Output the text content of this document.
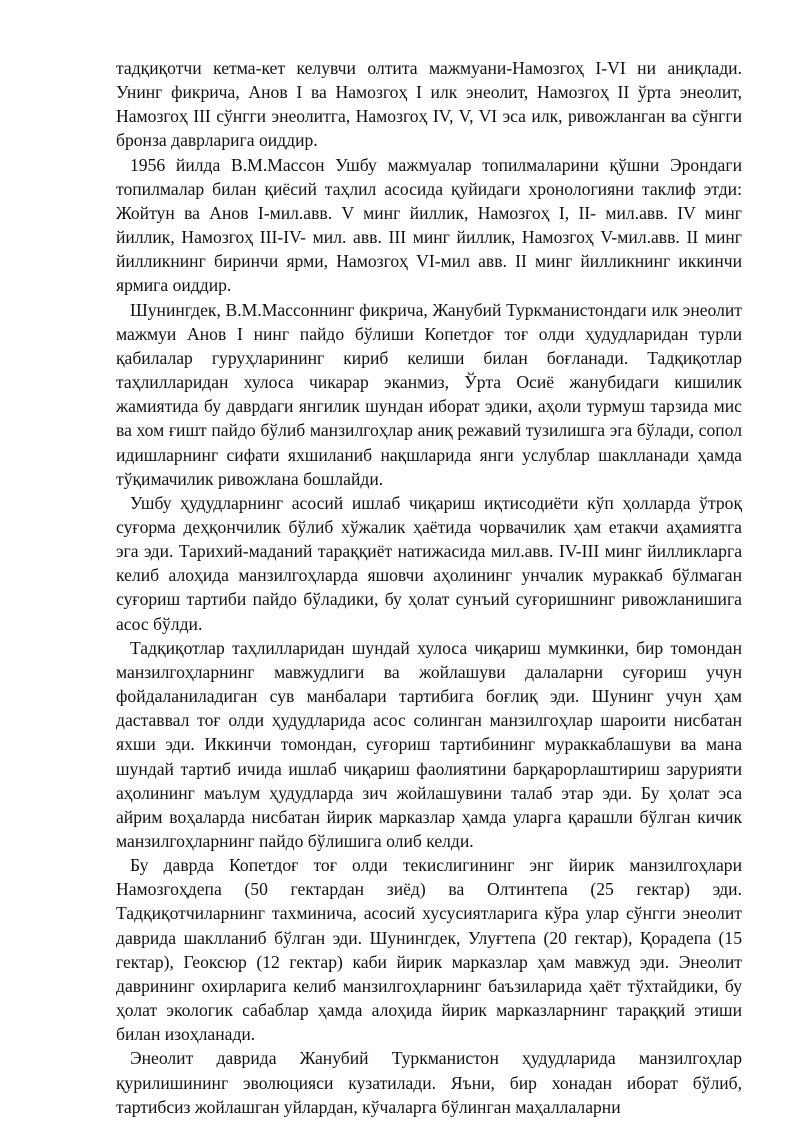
тадқиқотчи кетма-кет келувчи олтита мажмуани-Намозгоҳ I-VI ни аниқлади. Унинг фикрича, Анов I ва Намозгоҳ I илк энеолит, Намозгоҳ II ўрта энеолит, Намозгоҳ III сўнгги энеолитга, Намозгоҳ IV, V, VI эса илк, ривожланган ва сўнгги бронза даврларига оиддир.

1956 йилда В.М.Массон Ушбу мажмуалар топилмаларини қўшни Эрондаги топилмалар билан қиёсий таҳлил асосида қуйидаги хронологияни таклиф этди: Жойтун ва Анов I-мил.авв. V минг йиллик, Намозгоҳ I, II- мил.авв. IV минг йиллик, Намозгоҳ III-IV- мил. авв. III минг йиллик, Намозгоҳ V-мил.авв. II минг йилликнинг биринчи ярми, Намозгоҳ VI-мил авв. II минг йилликнинг иккинчи ярмига оиддир.

Шунингдек, В.М.Массоннинг фикрича, Жанубий Туркманистондаги илк энеолит мажмуи Анов I нинг пайдо бўлиши Копетдоғ тоғ олди ҳудудларидан турли қабилалар гуруҳларининг кириб келиши билан боғланади. Тадқиқотлар таҳлилларидан хулоса чикарар эканмиз, Ўрта Осиё жанубидаги кишилик жамиятида бу даврдаги янгилик шундан иборат эдики, аҳоли турмуш тарзида мис ва хом ғишт пайдо бўлиб манзилгоҳлар аниқ режавий тузилишга эга бўлади, сопол идишларнинг сифати яхшиланиб нақшларида янги услублар шаклланади ҳамда тўқимачилик ривожлана бошлайди.

Ушбу ҳудудларнинг асосий ишлаб чиқариш иқтисодиёти кўп ҳолларда ўтроқ суғорма деҳқончилик бўлиб хўжалик ҳаётида чорвачилик ҳам етакчи аҳамиятга эга эди. Тарихий-маданий тараққиёт натижасида мил.авв. IV-III минг йилликларга келиб алоҳида манзилгоҳларда яшовчи аҳолининг унчалик мураккаб бўлмаган суғориш тартиби пайдо бўладики, бу ҳолат сунъий суғоришнинг ривожланишига асос бўлди.

Тадқиқотлар таҳлилларидан шундай хулоса чиқариш мумкинки, бир томондан манзилгоҳларнинг мавжудлиги ва жойлашуви далаларни суғориш учун фойдаланиладиган сув манбалари тартибига боғлиқ эди. Шунинг учун ҳам даставвал тоғ олди ҳудудларида асос солинган манзилгоҳлар шароити нисбатан яхши эди. Иккинчи томондан, суғориш тартибининг мураккаблашуви ва мана шундай тартиб ичида ишлаб чиқариш фаолиятини барқарорлаштириш зарурияти аҳолининг маълум ҳудудларда зич жойлашувини талаб этар эди. Бу ҳолат эса айрим воҳаларда нисбатан йирик марказлар ҳамда уларга қарашли бўлган кичик манзилгоҳларнинг пайдо бўлишига олиб келди.

Бу даврда Копетдоғ тоғ олди текислигининг энг йирик манзилгоҳлари Намозгоҳдепа (50 гектардан зиёд) ва Олтинтепа (25 гектар) эди. Тадқиқотчиларнинг тахминича, асосий хусусиятларига кўра улар сўнгги энеолит даврида шаклланиб бўлган эди. Шунингдек, Улуғтепа (20 гектар), Қорадепа (15 гектар), Геоксюр (12 гектар) каби йирик марказлар ҳам мавжуд эди. Энеолит даврининг охирларига келиб манзилгоҳларнинг баъзиларида ҳаёт тўхтайдики, бу ҳолат экологик сабаблар ҳамда алоҳида йирик марказларнинг тараққий этиши билан изоҳланади.

Энеолит даврида Жанубий Туркманистон ҳудудларида манзилгоҳлар қурилишининг эволюцияси кузатилади. Яъни, бир хонадан иборат бўлиб, тартибсиз жойлашган уйлардан, кўчаларга бўлинган маҳаллаларни
